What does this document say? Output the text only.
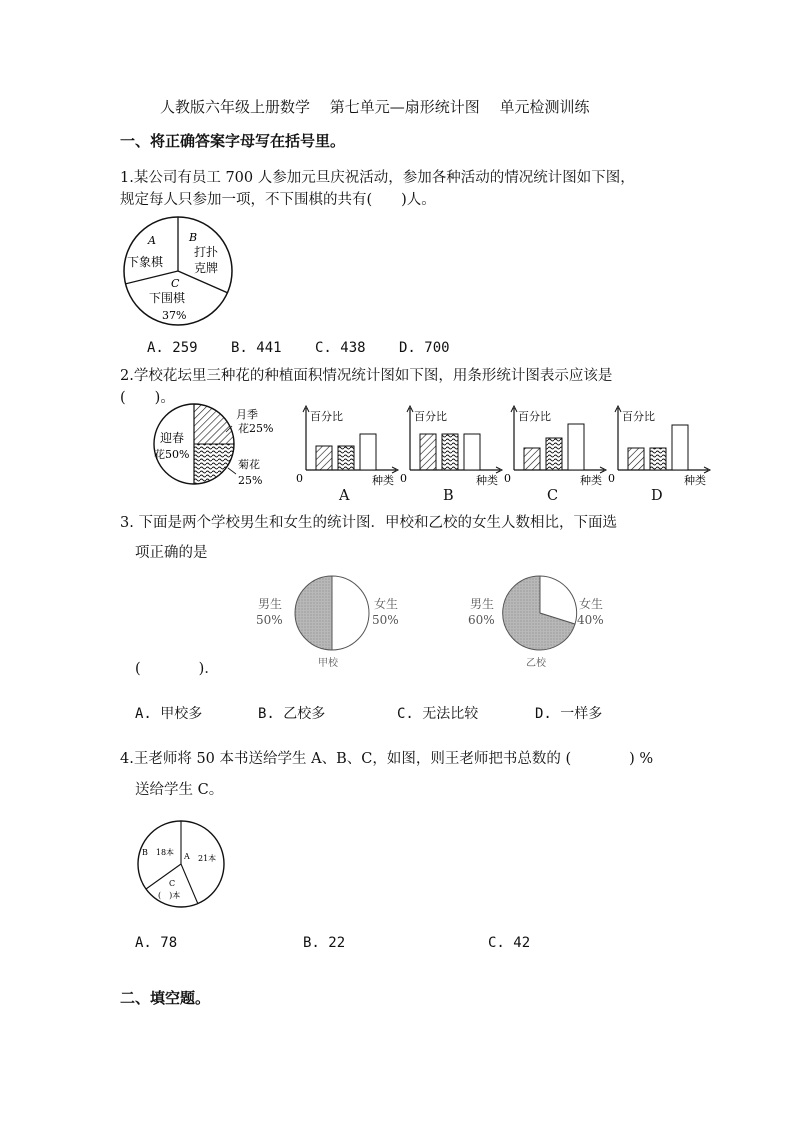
人教版六年级上册数学　 第七单元—扇形统计图 　单元检测训练
一、将正确答案字母写在括号里。
1.某公司有员工 700 人参加元旦庆祝活动，参加各种活动的情况统计图如下图，
规定每人只参加一项，不下围棋的共有(　　)人。
A
下象棋
B
打扑
克牌
C
下围棋
37%
A. 259 B. 441 C. 438 D. 700
2.学校花坛里三种花的种植面积情况统计图如下图，用条形统计图表示应该是
(　　)。
迎春
花50%
月季
花25%
菊花
25%
百分比
种类
0
百分比
种类
0
百分比
种类
0
百分比
种类
0
A	B	C	D
3. 下面是两个学校男生和女生的统计图．甲校和乙校的女生人数相比，下面选
项正确的是
男生
50%
女生
50%
甲校
男生
60%
女生
40%
乙校
(　　　　)．
A. 甲校多	B. 乙校多	C. 无法比较	D. 一样多
4.王老师将 50 本书送给学生 A、B、C，如图，则王老师把书总数的 (　　　　) %
送给学生 C。
B　18本 A 21本
C
(　)本
A. 78	B. 22	C. 42
二、填空题。
